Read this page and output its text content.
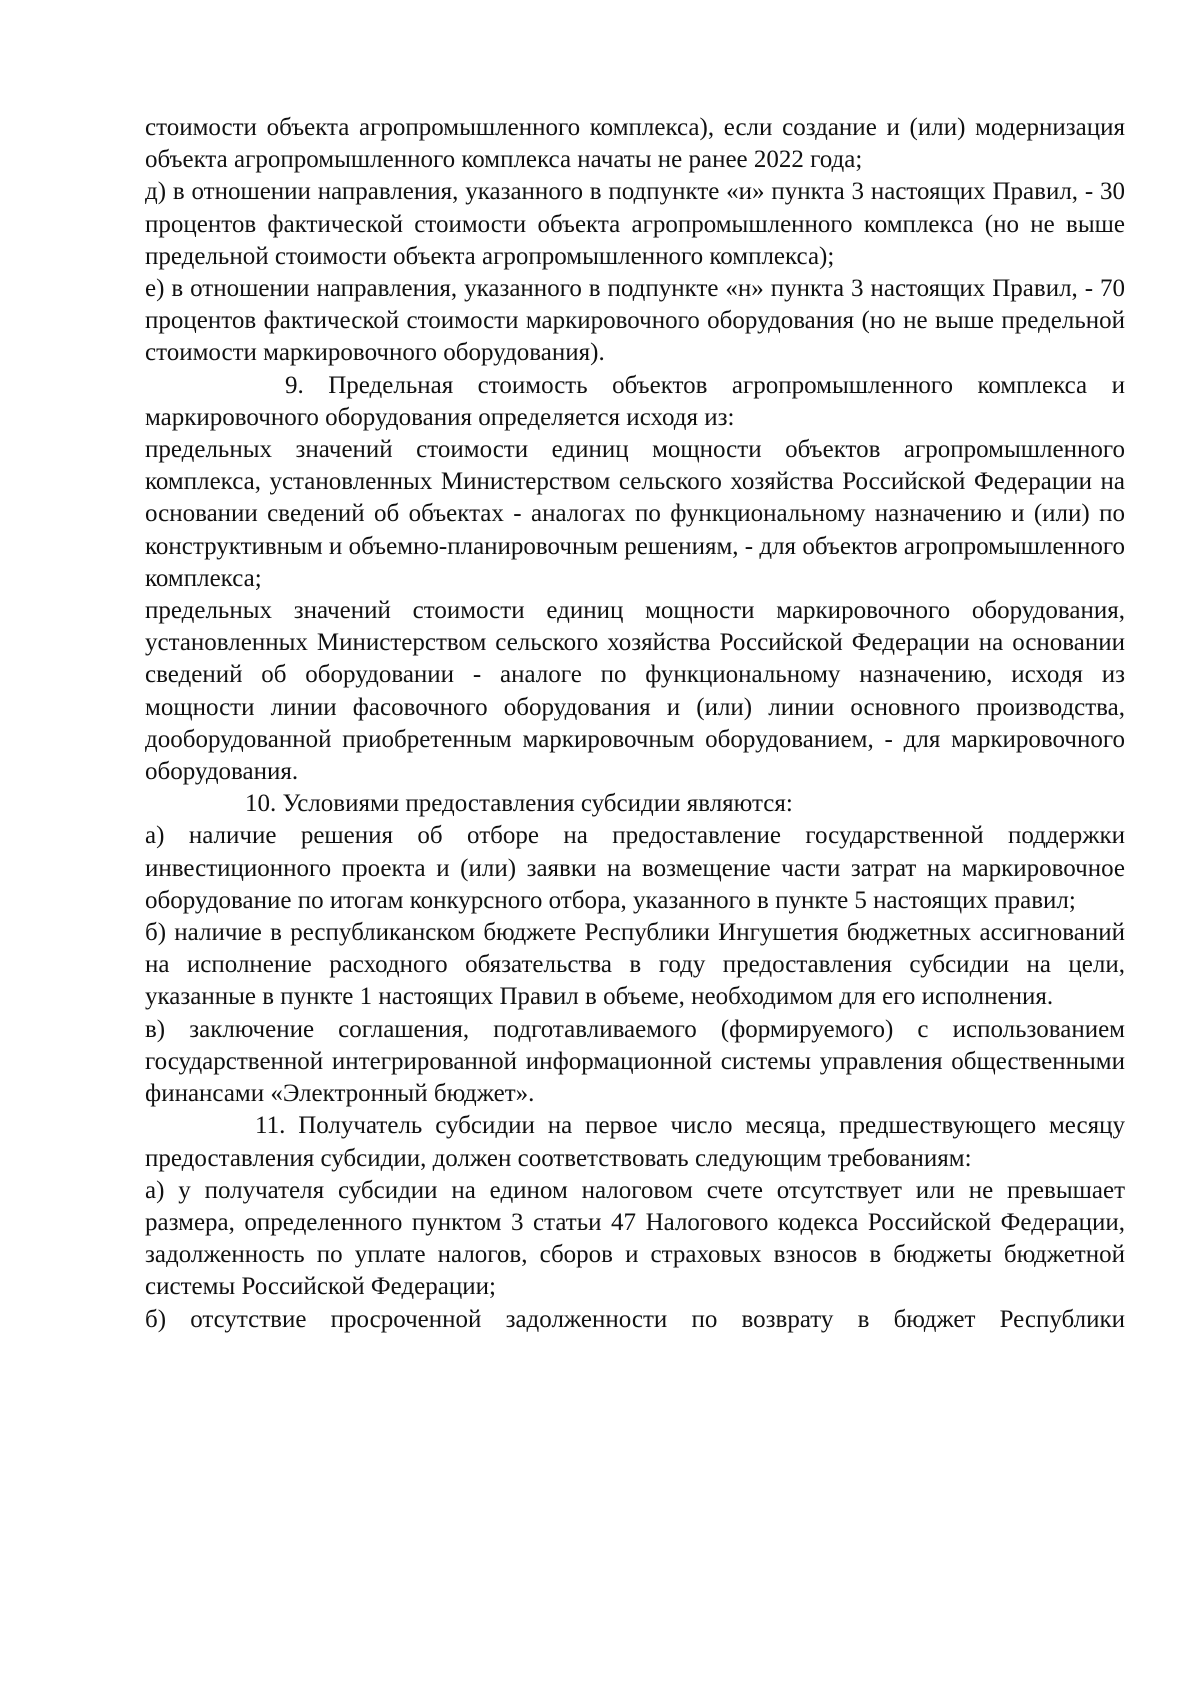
стоимости объекта агропромышленного комплекса), если создание и (или) модернизация объекта агропромышленного комплекса начаты не ранее 2022 года;

д) в отношении направления, указанного в подпункте «и» пункта 3 настоящих Правил, - 30 процентов фактической стоимости объекта агропромышленного комплекса (но не выше предельной стоимости объекта агропромышленного комплекса);

е) в отношении направления, указанного в подпункте «н» пункта 3 настоящих Правил, - 70 процентов фактической стоимости маркировочного оборудования (но не выше предельной стоимости маркировочного оборудования).

9. Предельная стоимость объектов агропромышленного комплекса и маркировочного оборудования определяется исходя из:

предельных значений стоимости единиц мощности объектов агропромышленного комплекса, установленных Министерством сельского хозяйства Российской Федерации на основании сведений об объектах - аналогах по функциональному назначению и (или) по конструктивным и объемно-планировочным решениям, - для объектов агропромышленного комплекса;

предельных значений стоимости единиц мощности маркировочного оборудования, установленных Министерством сельского хозяйства Российской Федерации на основании сведений об оборудовании - аналоге по функциональному назначению, исходя из мощности линии фасовочного оборудования и (или) линии основного производства, дооборудованной приобретенным маркировочным оборудованием, - для маркировочного оборудования.

10. Условиями предоставления субсидии являются:

а) наличие решения об отборе на предоставление государственной поддержки инвестиционного проекта и (или) заявки на возмещение части затрат на маркировочное оборудование по итогам конкурсного отбора, указанного в пункте 5 настоящих правил;

б) наличие в республиканском бюджете Республики Ингушетия бюджетных ассигнований на исполнение расходного обязательства в году предоставления субсидии на цели, указанные в пункте 1 настоящих Правил в объеме, необходимом для его исполнения.

в) заключение соглашения, подготавливаемого (формируемого) с использованием государственной интегрированной информационной системы управления общественными финансами «Электронный бюджет».

11. Получатель субсидии на первое число месяца, предшествующего месяцу предоставления субсидии, должен соответствовать следующим требованиям:

а) у получателя субсидии на едином налоговом счете отсутствует или не превышает размера, определенного пунктом 3 статьи 47 Налогового кодекса Российской Федерации, задолженность по уплате налогов, сборов и страховых взносов в бюджеты бюджетной системы Российской Федерации;

б) отсутствие просроченной задолженности по возврату в бюджет Республики
